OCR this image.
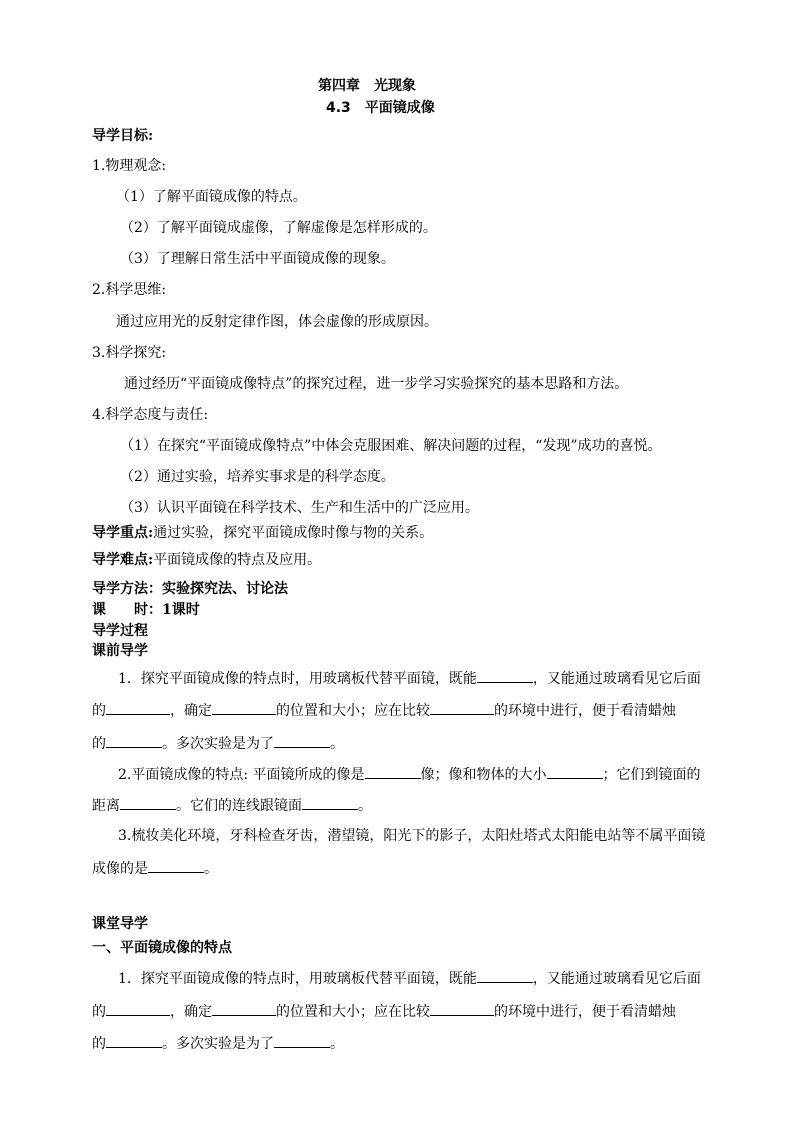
第四章　光现象
4.3　平面镜成像
导学目标:
1.物理观念:
（1）了解平面镜成像的特点。
（2）了解平面镜成虚像，了解虚像是怎样形成的。
（3）了理解日常生活中平面镜成像的现象。
2.科学思维:
通过应用光的反射定律作图，体会虚像的形成原因。
3.科学探究:
通过经历“平面镜成像特点”的探究过程，进一步学习实验探究的基本思路和方法。
4.科学态度与责任:
（1）在探究“平面镜成像特点”中体会克服困难、解决问题的过程，“发现”成功的喜悦。
（2）通过实验，培养实事求是的科学态度。
（3）认识平面镜在科学技术、生产和生活中的广泛应用。
导学重点:通过实验，探究平面镜成像时像与物的关系。
导学难点:平面镜成像的特点及应用。
导学方法：实验探究法、讨论法
课　　时：1课时
导学过程
课前导学
1．探究平面镜成像的特点时，用玻璃板代替平面镜，既能	，又能通过玻璃看见它后面
的	，确定	的位置和大小；应在比较	的环境中进行，便于看清蜡烛
的	。多次实验是为了	。
2.平面镜成像的特点: 平面镜所成的像是	像；像和物体的大小	；它们到镜面的
距离	。它们的连线跟镜面	。
3.梳妆美化环境，牙科检查牙齿，潜望镜，阳光下的影子，太阳灶塔式太阳能电站等不属平面镜
成像的是	。
课堂导学
一、平面镜成像的特点
1．探究平面镜成像的特点时，用玻璃板代替平面镜，既能	，又能通过玻璃看见它后面
的	，确定	的位置和大小；应在比较	的环境中进行，便于看清蜡烛
的	。多次实验是为了	。
